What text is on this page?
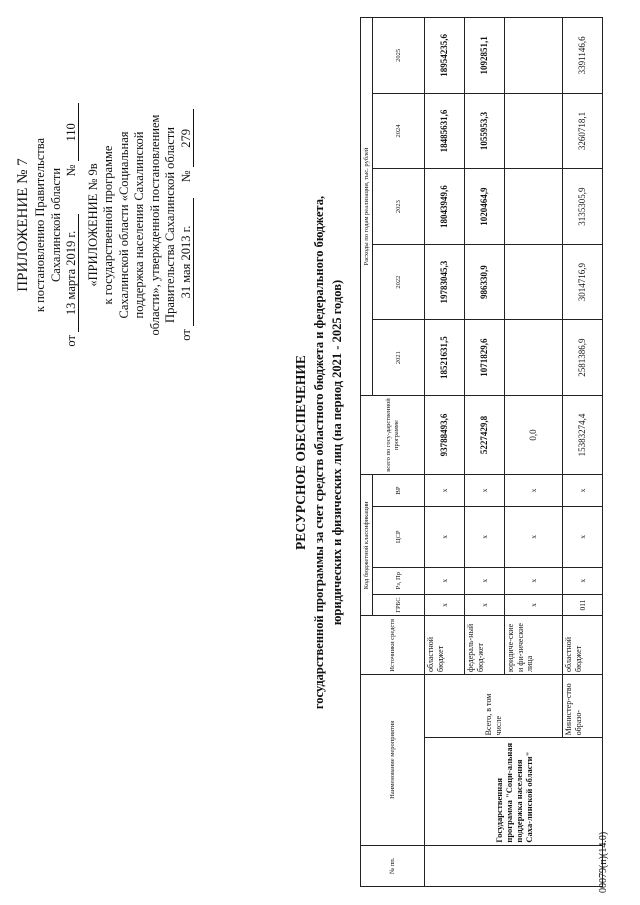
ПРИЛОЖЕНИЕ № 7 к постановлению Правительства Сахалинской области
от 13 марта 2019 г.            № 110
«ПРИЛОЖЕНИЕ № 9в к государственной программе Сахалинской области «Социальная поддержка населения Сахалинской области», утвержденной постановлением Правительства Сахалинской области
от 31 мая 2013 г.     № 279
РЕСУРСНОЕ ОБЕСПЕЧЕНИЕ государственной программы за счет средств областного бюджета и федерального бюджета, юридических и физических лиц (на период 2021 - 2025 годов)
№ пп.	Наименование мероприятия		Источники средств	Код бюджетной классификации				всего по госу-дарственной программе	Расходы по годам реализации, тыс. рублей				
				ГРБС	Рз, Пр	ЦСР	ВР		2021	2022	2023	2024	2025
	Государственная программа "Соци-альная поддержка населения Саха-линской области"	Всего, в том числе	областной бюджет	x	x	x	x	93788493,6	18521631,5	19783045,3	18043949,6	18485631,6	18954235,6
			федераль-ный бюд-жет	x	x	x	x	5227429,8	1071829,6	986330,9	1020464,9	1055953,3	1092851,1
			юридиче-ские и фи-зические лица	x	x	x	x	0,0					
		Министер-ство образо-	областной бюджет	011	x	x	x	15383274,4	2581386,9	3014716,9	3135305,9	3260718,1	3391146,6
00079(п)(14.0)
